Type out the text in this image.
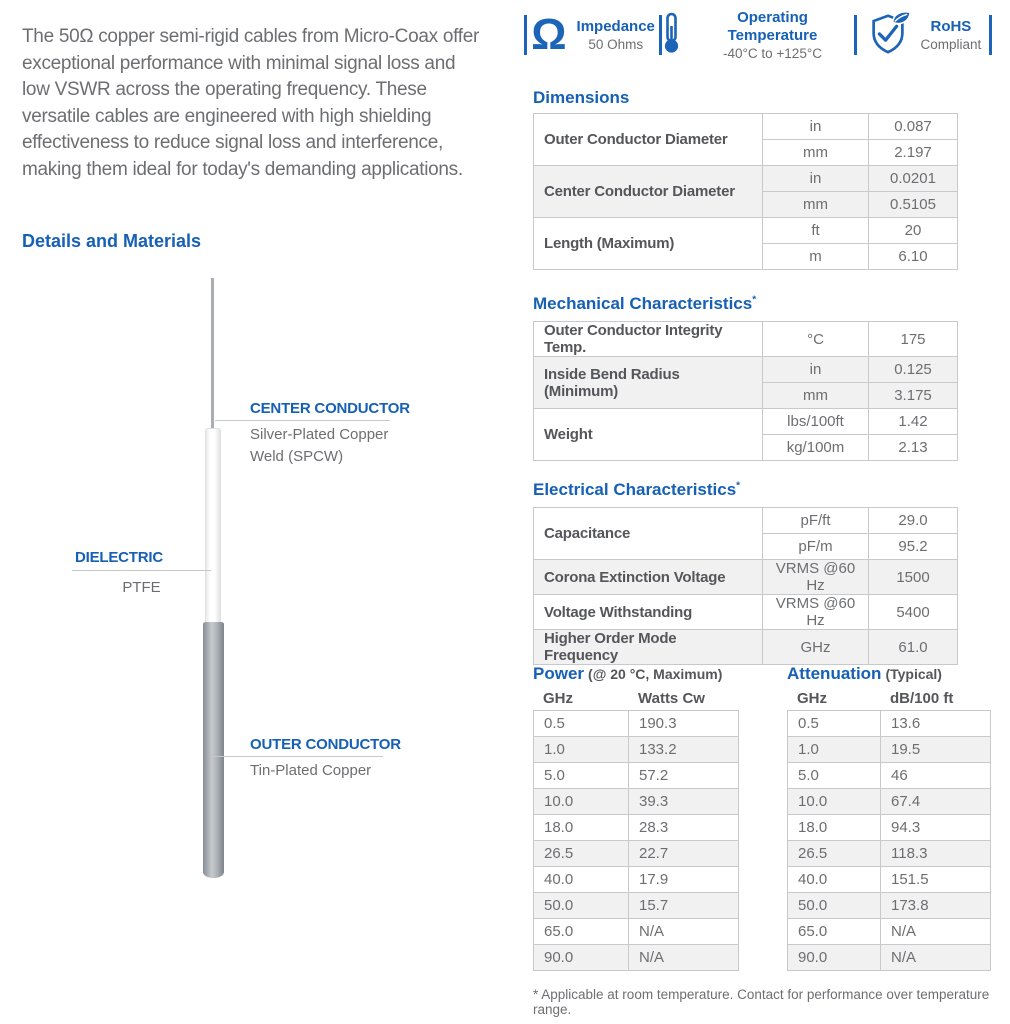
The 50Ω copper semi-rigid cables from Micro-Coax offer exceptional performance with minimal signal loss and low VSWR across the operating frequency. These versatile cables are engineered with high shielding effectiveness to reduce signal loss and interference, making them ideal for today's demanding applications.

Details and Materials
CENTER CONDUCTOR
Silver-Plated Copper Weld (SPCW)
DIELECTRIC
PTFE
OUTER CONDUCTOR
Tin-Plated Copper
Ω Impedance
50 Ohms
Operating Temperature
-40°C to +125°C
RoHS
Compliant
Dimensions
Outer Conductor Diameter	in	0.087
	mm	2.197
Center Conductor Diameter	in	0.0201
	mm	0.5105
Length (Maximum)	ft	20
	m	6.10
Mechanical Characteristics*
Outer Conductor Integrity Temp.	°C	175
Inside Bend Radius (Minimum)	in	0.125
	mm	3.175
Weight	lbs/100ft	1.42
	kg/100m	2.13
Electrical Characteristics*
Capacitance	pF/ft	29.0
	pF/m	95.2
Corona Extinction Voltage	VRMS @60 Hz	1500
Voltage Withstanding	VRMS @60 Hz	5400
Higher Order Mode Frequency	GHz	61.0
Power (@ 20 °C, Maximum)
GHz	Watts Cw
0.5	190.3
1.0	133.2
5.0	57.2
10.0	39.3
18.0	28.3
26.5	22.7
40.0	17.9
50.0	15.7
65.0	N/A
90.0	N/A
Attenuation (Typical)
GHz	dB/100 ft
0.5	13.6
1.0	19.5
5.0	46
10.0	67.4
18.0	94.3
26.5	118.3
40.0	151.5
50.0	173.8
65.0	N/A
90.0	N/A
* Applicable at room temperature. Contact for performance over temperature range.
